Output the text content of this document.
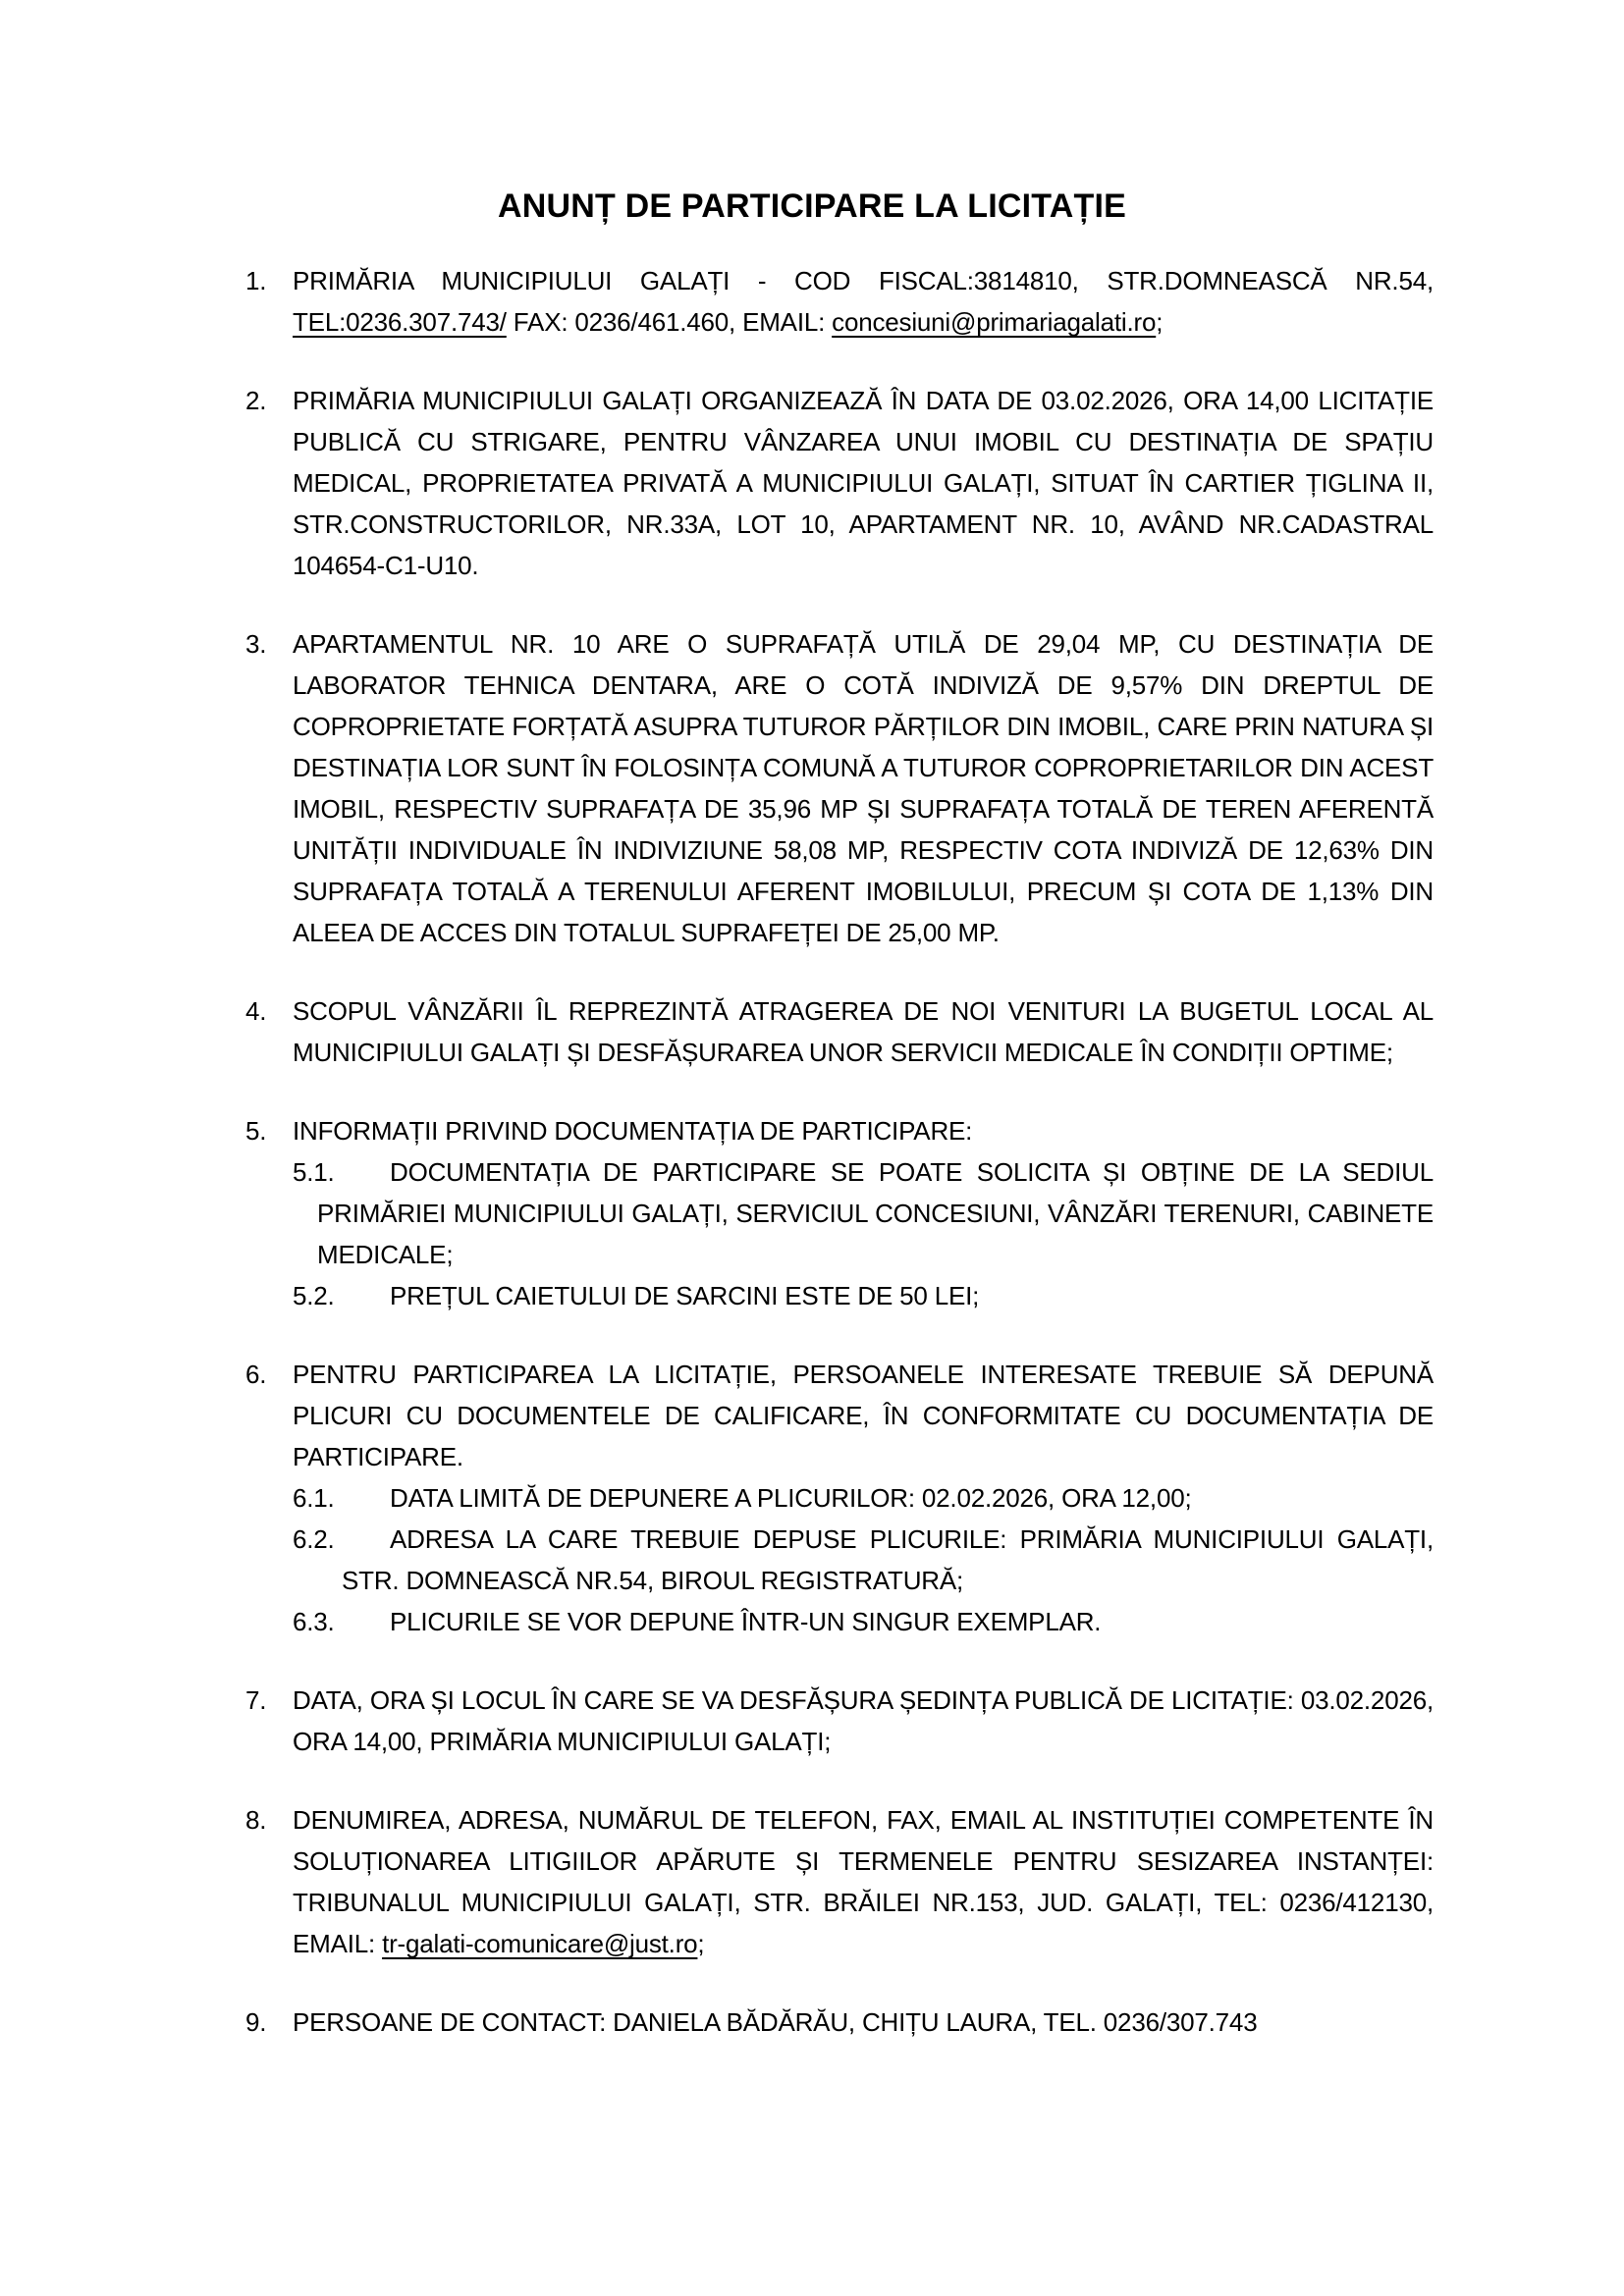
ANUNȚ DE PARTICIPARE LA LICITAȚIE
1. PRIMĂRIA MUNICIPIULUI GALAȚI - COD FISCAL:3814810, STR.DOMNEASCĂ NR.54, TEL:0236.307.743/ FAX: 0236/461.460, EMAIL: concesiuni@primariagalati.ro;
2. PRIMĂRIA MUNICIPIULUI GALAȚI ORGANIZEAZĂ ÎN DATA DE 03.02.2026, ORA 14,00 LICITAȚIE PUBLICĂ CU STRIGARE, PENTRU VÂNZAREA UNUI IMOBIL CU DESTINAȚIA DE SPAȚIU MEDICAL, PROPRIETATEA PRIVATĂ A MUNICIPIULUI GALAȚI, SITUAT ÎN CARTIER ȚIGLINA II, STR.CONSTRUCTORILOR, NR.33A, LOT 10, APARTAMENT NR. 10, AVÂND NR.CADASTRAL 104654-C1-U10.
3. APARTAMENTUL NR. 10 ARE O SUPRAFAȚĂ UTILĂ DE 29,04 MP, CU DESTINAȚIA DE LABORATOR TEHNICA DENTARA, ARE O COTĂ INDIVIZĂ DE 9,57% DIN DREPTUL DE COPROPRIETATE FORȚATĂ ASUPRA TUTUROR PĂRȚILOR DIN IMOBIL, CARE PRIN NATURA ȘI DESTINAȚIA LOR SUNT ÎN FOLOSINȚA COMUNĂ A TUTUROR COPROPRIETARILOR DIN ACEST IMOBIL, RESPECTIV SUPRAFAȚA DE 35,96 MP ȘI SUPRAFAȚA TOTALĂ DE TEREN AFERENTĂ UNITĂȚII INDIVIDUALE ÎN INDIVIZIUNE 58,08 MP, RESPECTIV COTA INDIVIZĂ DE 12,63% DIN SUPRAFAȚA TOTALĂ A TERENULUI AFERENT IMOBILULUI, PRECUM ȘI COTA DE 1,13% DIN ALEEA DE ACCES DIN TOTALUL SUPRAFEȚEI DE 25,00 MP.
4. SCOPUL VÂNZĂRII ÎL REPREZINTĂ ATRAGEREA DE NOI VENITURI LA BUGETUL LOCAL AL MUNICIPIULUI GALAȚI ȘI DESFĂȘURAREA UNOR SERVICII MEDICALE ÎN CONDIȚII OPTIME;
5. INFORMAȚII PRIVIND DOCUMENTAȚIA DE PARTICIPARE:
5.1. DOCUMENTAȚIA DE PARTICIPARE SE POATE SOLICITA ȘI OBȚINE DE LA SEDIUL PRIMĂRIEI MUNICIPIULUI GALAȚI, SERVICIUL CONCESIUNI, VÂNZĂRI TERENURI, CABINETE MEDICALE;
5.2. PREȚUL CAIETULUI DE SARCINI ESTE DE 50 LEI;
6. PENTRU PARTICIPAREA LA LICITAȚIE, PERSOANELE INTERESATE TREBUIE SĂ DEPUNĂ PLICURI CU DOCUMENTELE DE CALIFICARE, ÎN CONFORMITATE CU DOCUMENTAȚIA DE PARTICIPARE.
6.1. DATA LIMITĂ DE DEPUNERE A PLICURILOR: 02.02.2026, ORA 12,00;
6.2. ADRESA LA CARE TREBUIE DEPUSE PLICURILE: PRIMĂRIA MUNICIPIULUI GALAȚI, STR. DOMNEASCĂ NR.54, BIROUL REGISTRATURĂ;
6.3. PLICURILE SE VOR DEPUNE ÎNTR-UN SINGUR EXEMPLAR.
7. DATA, ORA ȘI LOCUL ÎN CARE SE VA DESFĂȘURA ȘEDINȚA PUBLICĂ DE LICITAȚIE: 03.02.2026, ORA 14,00, PRIMĂRIA MUNICIPIULUI GALAȚI;
8. DENUMIREA, ADRESA, NUMĂRUL DE TELEFON, FAX, EMAIL AL INSTITUȚIEI COMPETENTE ÎN SOLUȚIONAREA LITIGIILOR APĂRUTE ȘI TERMENELE PENTRU SESIZAREA INSTANȚEI: TRIBUNALUL MUNICIPIULUI GALAȚI, STR. BRĂILEI NR.153, JUD. GALAȚI, TEL: 0236/412130, EMAIL: tr-galati-comunicare@just.ro;
9. PERSOANE DE CONTACT: DANIELA BĂDĂRĂU, CHIȚU LAURA, TEL. 0236/307.743
